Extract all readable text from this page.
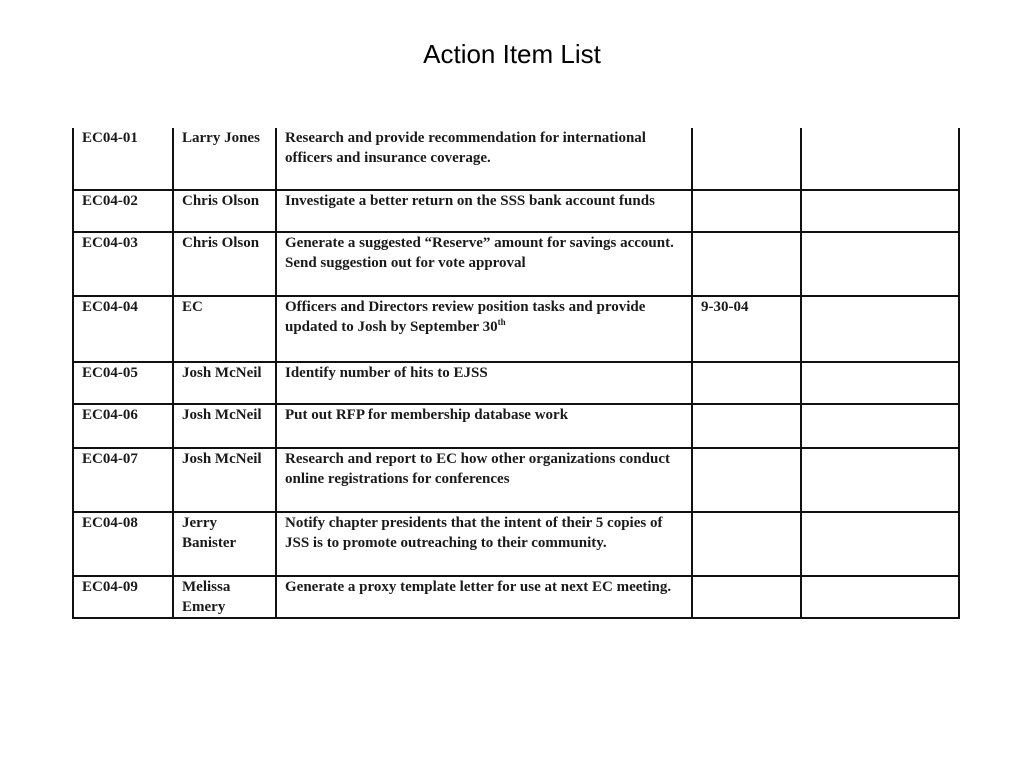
Action Item List
EC04-01	Larry Jones	Research and provide recommendation for international officers and insurance coverage.		
EC04-02	Chris Olson	Investigate a better return on the SSS bank account funds		
EC04-03	Chris Olson	Generate a suggested “Reserve” amount for savings account. Send suggestion out for vote approval		
EC04-04	EC	Officers and Directors review position tasks and provide updated to Josh by September 30th	9-30-04	
EC04-05	Josh McNeil	Identify number of hits to EJSS		
EC04-06	Josh McNeil	Put out RFP for membership database work		
EC04-07	Josh McNeil	Research and report to EC how other organizations conduct online registrations for conferences		
EC04-08	Jerry Banister	Notify chapter presidents that the intent of their 5 copies of JSS is to promote outreaching to their community.		
EC04-09	Melissa Emery	Generate a proxy template letter for use at next EC meeting.		
